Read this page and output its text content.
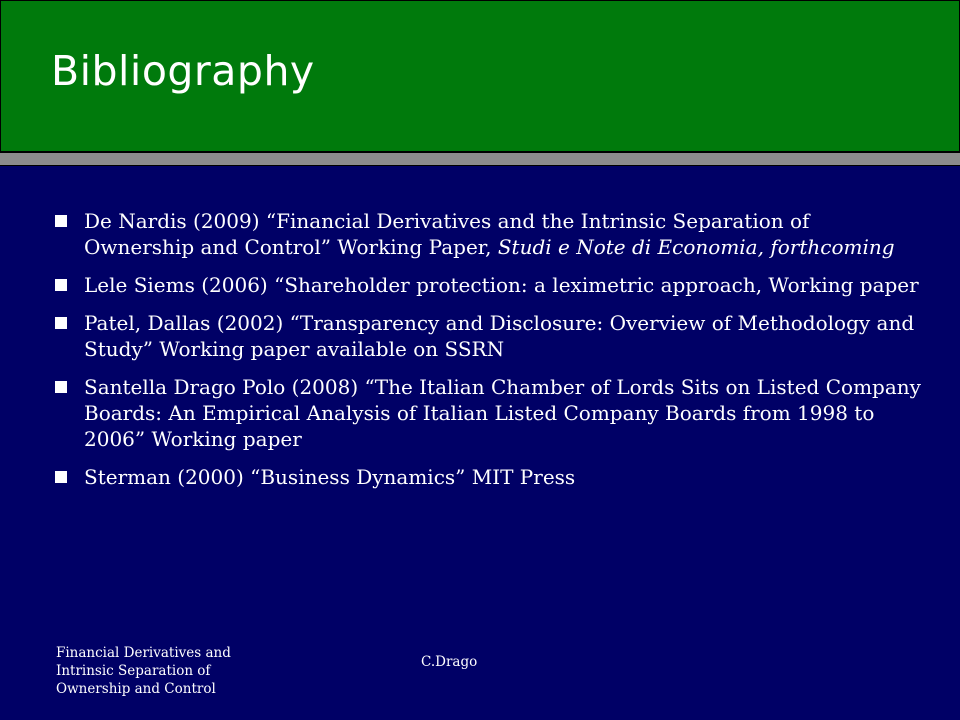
Bibliography
De Nardis (2009) “Financial Derivatives and the Intrinsic Separation of Ownership and Control” Working Paper, Studi e Note di Economia, forthcoming
Lele Siems (2006) “Shareholder protection: a leximetric approach, Working paper
Patel, Dallas (2002) “Transparency and Disclosure: Overview of Methodology and Study” Working paper available on SSRN
Santella Drago Polo (2008) “The Italian Chamber of Lords Sits on Listed Company Boards: An Empirical Analysis of Italian Listed Company Boards from 1998 to 2006” Working paper
Sterman (2000) “Business Dynamics” MIT Press
Financial Derivatives and
Intrinsic Separation of
Ownership and Control
C.Drago
